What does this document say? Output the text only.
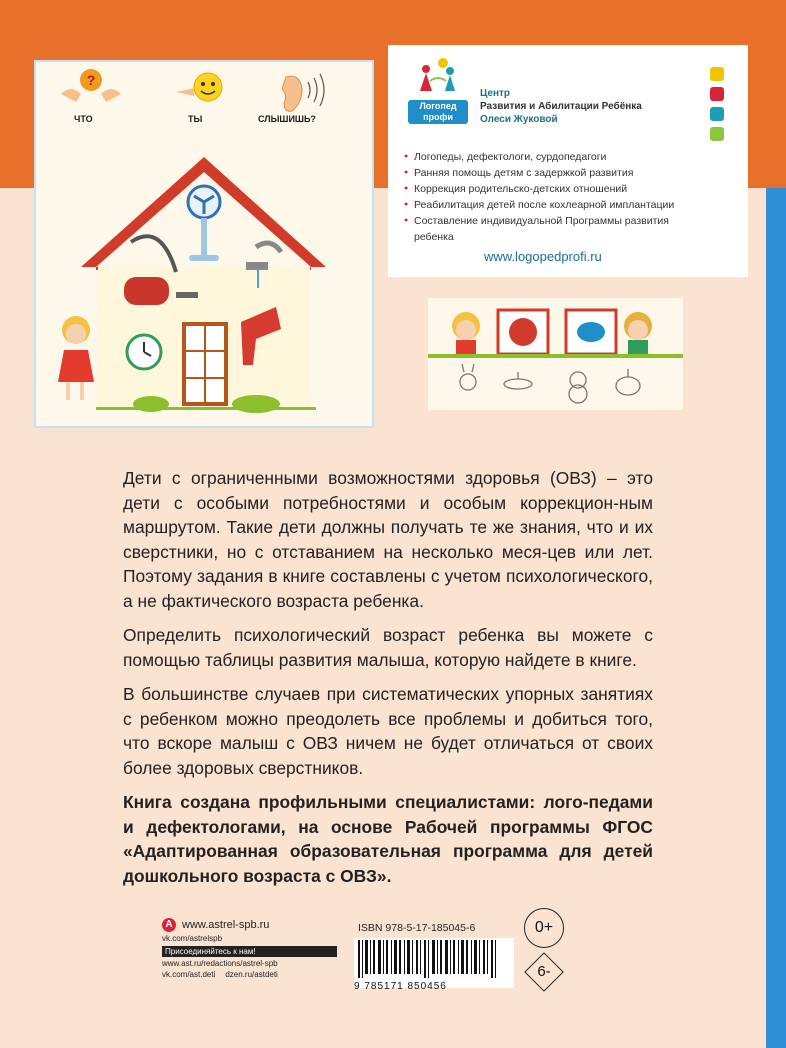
?
ЧТО	ТЫ	СЛЫШИШЬ?
Логопед
профи
Центр
Развития и Абилитации Ребёнка
Олеси Жуковой
● Логопеды, дефектологи, сурдопедагоги
● Ранняя помощь детям с задержкой развития
● Коррекция родительско-детских отношений
● Реабилитация детей после кохлеарной имплантации
● Составление индивидуальной Программы развития ребенка
www.logopedprofi.ru

Дети с ограниченными возможностями здоровья (ОВЗ) – это дети с особыми потребностями и особым коррекцион-ным маршрутом. Такие дети должны получать те же знания, что и их сверстники, но с отставанием на несколько меся-цев или лет. Поэтому задания в книге составлены с учетом психологического, а не фактического возраста ребенка.

Определить психологический возраст ребенка вы можете с помощью таблицы развития малыша, которую найдете в книге.

В большинстве случаев при систематических упорных занятиях с ребенком можно преодолеть все проблемы и добиться того, что вскоре малыш с ОВЗ ничем не будет отличаться от своих более здоровых сверстников.

Книга создана профильными специалистами: лого-педами и дефектологами, на основе Рабочей программы ФГОС «Адаптированная образовательная программа для детей дошкольного возраста с ОВЗ».

A www.astrel-spb.ru
vk.com/astrelspb
Присоединяйтесь к нам!
www.ast.ru/redactions/astrel-spb
vk.com/ast.deti dzen.ru/astdeti
ISBN 978-5-17-185045-6
9 785171 850456
0+
6-
